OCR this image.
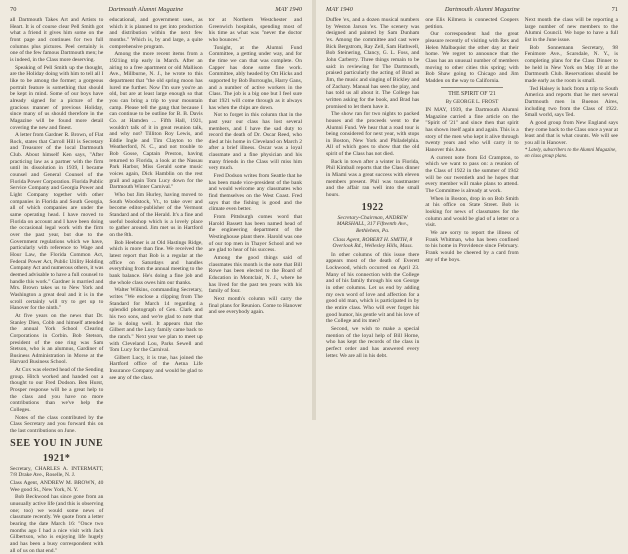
70	Dartmouth Alumni Magazine	MAY 1940

all Dartmouth Takes Art and Artists to Heart. It is of course clear Pell Smith got what a friend it gives him some on the front page and continues for two full columns plus pictures. Peel certainly is one of the few famous Dartmouth men; he is indeed, in the Class more deserving.

Speaking of Pell Smith up the thought, are the Holiday doing with him to tell all I like to be among the former; a gorgeous portrait feature is something that should be kept in mind. Some of our boys have already signed for a picture of the gracious manner of previous Holiday, since many of us should therefore in the Magazine will be found more detail covering the new and finest.

A letter from Gardner R. Brown, of Flat Rock, states that Carroll Hill is Secretary and Treasurer of the local Dartmouth Club. About himself Ken says, "After practicing law as a partner with the firm until its dissolution in 1939, I became counsel and General Counsel of the Florida Power Corporation. Florida Public Service Company and Georgia Power and Light Company together with other companies in Florida and South Georgia, all of which companies are under the same operating head. I have moved to Florida on account and I have been doing the occasional legal work with the firm over the past year, but due to the Government regulations which we have, particularly with reference to Wage and Hour Law, the Florida Common Act, Federal Power Act, Public Utility Holding Company Act and numerous others, it was deemed advisable to have a full counsel to handle this work." Gardner is married and Mrs. Brown takes us to New York and Washington a great deal and it is in the scroll certainly will try to get up to Hanover for the ninth."

At five years on the news that Dr. Stanley Dien, Cobb and himself attended the annual York School Clearing Corporations in Corbin. Bob Stetson, president of the one ring was Sam Stetson, who is an alumnus, Gardiner of Business Administration in Morse at the Harvard Business School.

At Cox was elected head of the Sending group. Hitch worked and handed out a thought to our Fred Dodson. Ben Hurst, Prosper response will be a great help to the class and you have no more contributions than we've help the Colleges.

Notes of the class contributed by the Class Secretary and you forward this on the last contributions on June.

SEE YOU IN JUNE
1921*

Secretary, CHARLES A. INTERMATT, 7/8 Drake Ave., Roselle, N. J.

Class Agent, ANDREW M. BROWN, 40 Wee good St., New York, N. Y.

Bob Beckwood has since gone from an unusually active life (and this is observing one; too) we would some news of classmate recently. We quote from a letter bearing the date March 16: "Once two months ago I had a nice visit with Jack Gilbertson, who is enjoying life hugely and has been a busy correspondent with all of us on that end."

educational, and government uses, as which it is planned to get into production and distribution within the next few months." Which is, by and large, a quite comprehensive program.

Among the more recent items from a 1921ing trip early in March. After an airing to a free apartment or old Mallison Ave., Millburne, N. J., he wrote to this department that "the old spring moon has lured me further. Now I'm sure you're an old, but are at least large enough so that you can bring a trip to your mountain camp. Please tell the gang that because I can continue to be outline for B. B. Davis Co. at Hamden ... Fifth Hall, 1921, wouldn't talk of it in great reunion talk, and why not? Tilliton Roy Lewis, and Eddie Ingle and Tim Clayton to the Weatherford, N. C., and not trouble to Bob Gosse, Captain Preston, having returned to Florida, a look at the Nassau Park Harbor, Miss Gerald some music voices again, Dick Hamblin on the rest grail and again Tom Lucy down for the Dartmouth Winter Carnival."

Who but Jim Hurley, having moved to South Woodstock, Vt., to take over and become editor-publisher of the Vermont Standard and of the Herald. It's a fine and useful bookshop which is a lovely place to gather around. Jim met us in Hartford on the 8th.

Bob Heebner is at Old Hastings Ridge, which is more than fine. We received the latest report that Bob is a regular at the office on Saturdays and handles everything from the annual meeting to the bank balance. He's doing a fine job and the whole class owes him our thanks.

Walter Wilkins, commanding Secretary, writes "We enclose a clipping from The Standard for March 14 regarding a splendid photograph of Gen. Clark and his two sons, and we're glad to note that he is doing well. It appears that the Gilbert and the Lucy family came back to the ranch." Next year we plan to meet up with Cleveland Lou, Parks Sewell and Tom Lucy for the Carnival.

Gilbert Lucy, it is true, has joined the Hartford office of the Aetna Life Insurance Company and would be glad to see any of the class.

tor at Northern Westchester and Greenwich hospitals, spending most of his time as what was "never the doctor who bounces."

Tonight, at the Alumni Fund Committee, a getting under way, and for the time we can that was complete. On Capper has done some fine work. Committee, ably headed by Ott Hicks and supported by Bob Burroughs, Harry Gans, and a number of active workers in the Class. The job is a big one but I feel sure that 1921 will come through as it always has when the chips are down.

Not to forget in this column that in the past year our class has lost several members, and I have the sad duty to record the death of Dr. Oscar Reed, who died at his home in Cleveland on March 2 after a brief illness. Oscar was a loyal classmate and a fine physician and his many friends in the Class will miss him very much.

Fred Dodson writes from Seattle that he has been made vice-president of the bank and would welcome any classmates who find themselves on the West Coast. Fred says that the fishing is good and the climate even better.

From Pittsburgh comes word that Harold Bassett has been named head of the engineering department of the Westinghouse plant there. Harold was one of our top men in Thayer School and we are glad to hear of his success.

Among the good things said of classmates this month is the note that Bill Rowe has been elected to the Board of Education in Montclair, N. J., where he has lived for the past ten years with his family of four.

Next month's column will carry the final plans for Reunion. Come to Hanover and see everybody again.

MAY 1940	Dartmouth Alumni Magazine	71

Duffee 'ex, and a dozen musical numbers by Weston Jarson 'ex. The scenery was designed and painted by Sam Dunham 'ex. Among the committee and cast were Bick Bergstrom, Ray Zell, Sam Hathwell, Bob Steinering, Clancy, G. L. Foss, and John Carberry. Three things remain to be said: in reviewing for The Dartmouth, praised particularly the acting of Brad as Jim, the music and singing of Bickley and of Zachary. Manual has seen the play, and has told us all about it. The College has written asking for the book, and Brad has promised to let them have it.

The show ran for two nights to packed houses and the proceeds went to the Alumni Fund. We hear that a road tour is being considered for next year, with stops in Boston, New York and Philadelphia. All of which goes to show that the old spirit of the Class has not died.

Back in town after a winter in Florida, Phil Kimball reports that the Class dinner in Miami was a great success with eleven members present. Phil was toastmaster and the affair ran well into the small hours.

1922
Secretary-Chairman, ANDREW MARSHALL, 317 Fifteenth Ave., Bethlehem, Pa.
Class Agent, ROBERT H. SMITH, 8 Overlook Rd., Wellesley Hills, Mass.

In other columns of this issue there appears most of the death of Everett Lockwood, which occurred on April 23. Many of his connection with the College and of his family through his son George in other columns. Let us end by adding my own word of love and affection for a good old man, which is participated in by the entire class. Who will ever forget his good humor, his gentle wit and his love of the College and its men?

Second, we wish to make a special mention of the loyal help of Bill Horne, who has kept the records of the class in perfect order and has answered every letter. We are all in his debt.

one Elis Kilmera is connected Coopers petition.

Our correspondent had the great pleasure recently of visiting with Rex and Helen Malbaquist the other day at their home. We regret to announce that the Class has an unusual number of members moving to other cities this spring; with Bob Shaw going to Chicago and Jim Madden on the way to California.

THE SPIRIT OF '21
By GEORGE L. FROST

IN MAY, 1939, the Dartmouth Alumni Magazine carried a fine article on the "Spirit of '21" and since then that spirit has shown itself again and again. This is a story of the men who kept it alive through twenty years and who will carry it to Hanover this June.

A current note from Ed Crampton, to which we want to pass on: a reunion of the Class of 1922 in the summer of 1942 will be our twentieth and he hopes that every member will make plans to attend. The Committee is already at work.

When in Boston, drop in on Bob Smith at his office on State Street. Bob is looking for news of classmates for the column and would be glad of a letter or a visit.

We are sorry to report the illness of Frank Whitman, who has been confined to his home in Providence since February. Frank would be cheered by a card from any of the boys.

Next month the class will be reporting a large number of new members to the Alumni Council. We hope to have a full list in the June issue.

Bob Sonnemann Secretary, 98 Fenimore Ave., Scarsdale, N. Y., is completing plans for the Class Dinner to be held in New York on May 10 at the Dartmouth Club. Reservations should be made early as the room is small.

Ted Halsey is back from a trip to South America and reports that he met several Dartmouth men in Buenos Aires, including two from the Class of 1922. Small world, says Ted.

A good group from New England says they come back to the Class once a year at least and that is what counts. We will see you all in Hanover.

* Lately, subscribers to the Alumni Magazine, on class group plans.
